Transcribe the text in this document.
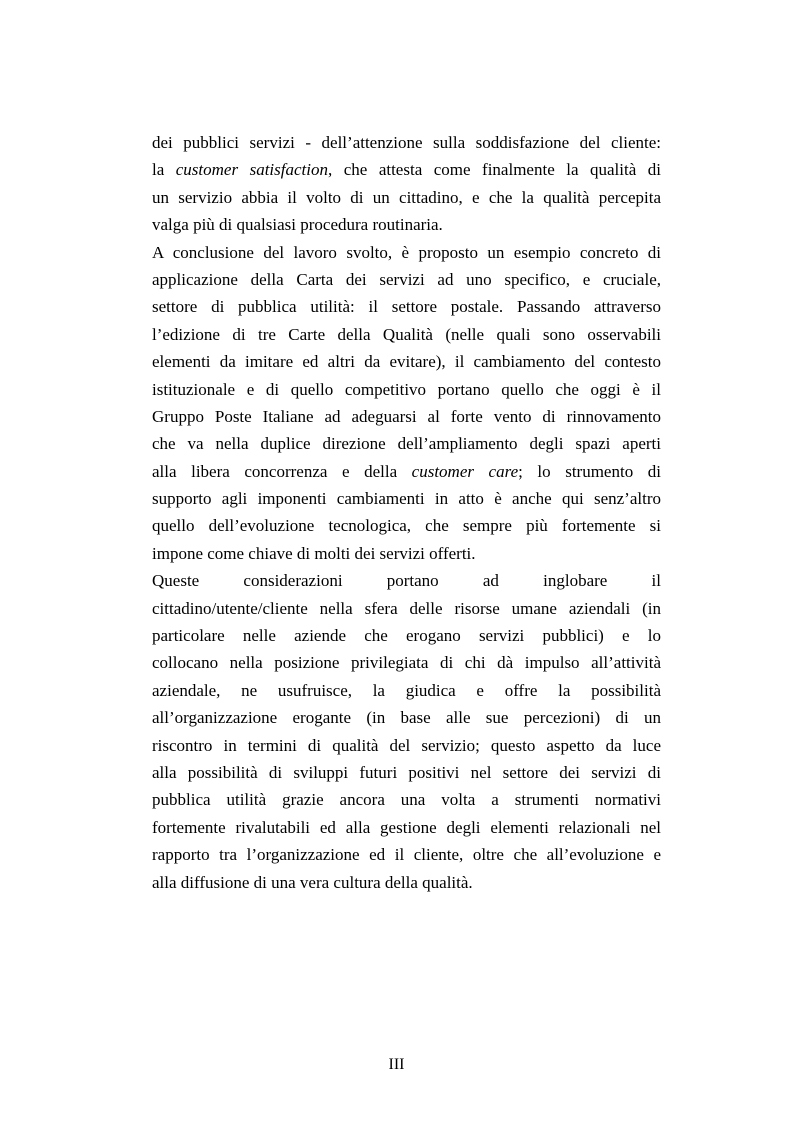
dei pubblici servizi - dell’attenzione sulla soddisfazione del cliente:
la customer satisfaction, che attesta come finalmente la qualità di
un servizio abbia il volto di un cittadino, e che la qualità percepita
valga più di qualsiasi procedura routinaria.
A conclusione del lavoro svolto, è proposto un esempio concreto di
applicazione della Carta dei servizi ad uno specifico, e cruciale,
settore di pubblica utilità: il settore postale. Passando attraverso
l’edizione di tre Carte della Qualità (nelle quali sono osservabili
elementi da imitare ed altri da evitare), il cambiamento del contesto
istituzionale e di quello competitivo portano quello che oggi è il
Gruppo Poste Italiane ad adeguarsi al forte vento di rinnovamento
che va nella duplice direzione dell’ampliamento degli spazi aperti
alla libera concorrenza e della customer care; lo strumento di
supporto agli imponenti cambiamenti in atto è anche qui senz’altro
quello dell’evoluzione tecnologica, che sempre più fortemente si
impone come chiave di molti dei servizi offerti.
Queste considerazioni portano ad inglobare il
cittadino/utente/cliente nella sfera delle risorse umane aziendali (in
particolare nelle aziende che erogano servizi pubblici) e lo
collocano nella posizione privilegiata di chi dà impulso all’attività
aziendale, ne usufruisce, la giudica e offre la possibilità
all’organizzazione erogante (in base alle sue percezioni) di un
riscontro in termini di qualità del servizio; questo aspetto da luce
alla possibilità di sviluppi futuri positivi nel settore dei servizi di
pubblica utilità grazie ancora una volta a strumenti normativi
fortemente rivalutabili ed alla gestione degli elementi relazionali nel
rapporto tra l’organizzazione ed il cliente, oltre che all’evoluzione e
alla diffusione di una vera cultura della qualità.
III
